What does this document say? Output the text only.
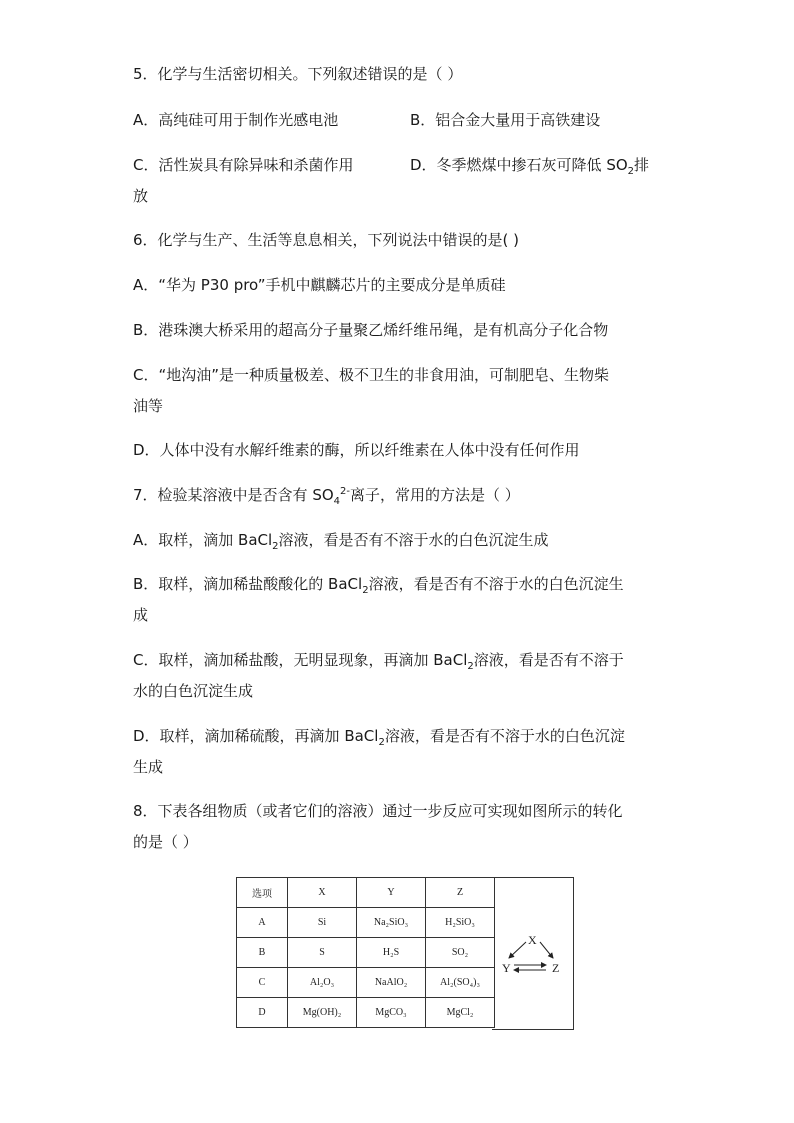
5．化学与生活密切相关。下列叙述错误的是（ ）
A．高纯硅可用于制作光感电池	B．铝合金大量用于高铁建设
C．活性炭具有除异味和杀菌作用	D．冬季燃煤中掺石灰可降低 $SO_2$排
放
6．化学与生产、生活等息息相关，下列说法中错误的是( )
A．“华为 P30 pro”手机中麒麟芯片的主要成分是单质硅
B．港珠澳大桥采用的超高分子量聚乙烯纤维吊绳，是有机高分子化合物
C．“地沟油”是一种质量极差、极不卫生的非食用油，可制肥皂、生物柴
油等
D．人体中没有水解纤维素的酶，所以纤维素在人体中没有任何作用
7．检验某溶液中是否含有 $SO_4^{2-}$离子，常用的方法是（ ）
A．取样，滴加 BaCl$_2$溶液，看是否有不溶于水的白色沉淀生成
B．取样，滴加稀盐酸酸化的 BaCl$_2$溶液，看是否有不溶于水的白色沉淀生
成
C．取样，滴加稀盐酸，无明显现象，再滴加 BaCl$_2$溶液，看是否有不溶于
水的白色沉淀生成
D．取样，滴加稀硫酸，再滴加 BaCl$_2$溶液，看是否有不溶于水的白色沉淀
生成
8．下表各组物质（或者它们的溶液）通过一步反应可实现如图所示的转化
的是（ ）
选项	X	Y	Z
A	Si	Na₂SiO₃	H₂SiO₃
B	S	H₂S	SO₂
C	Al₂O₃	NaAlO₂	Al₂(SO₄)₃
D	Mg(OH)₂	MgCO₃	MgCl₂
X
Y	Z
